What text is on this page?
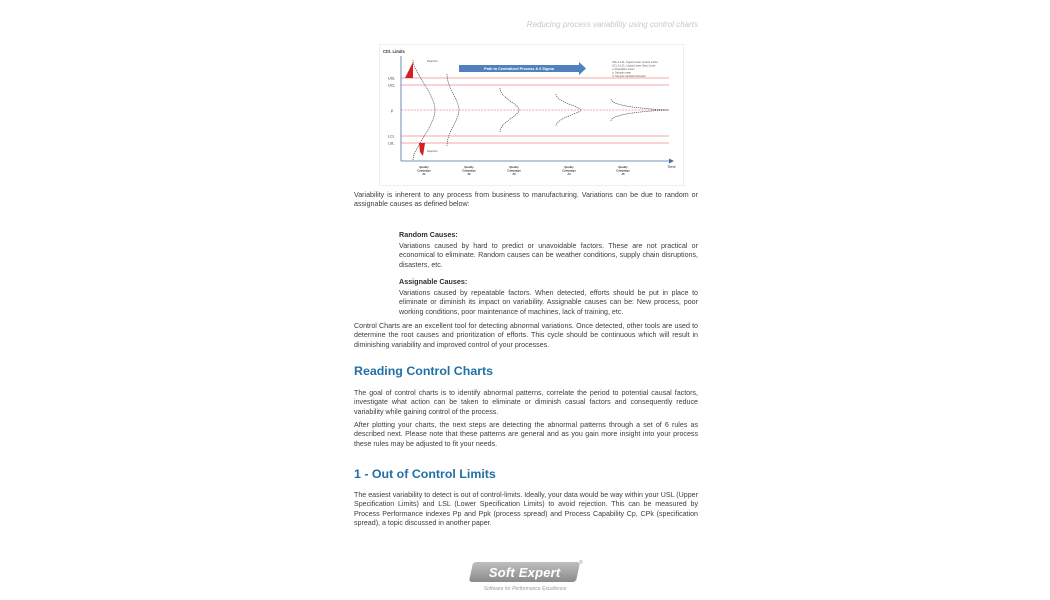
Reducing process variability using control charts
Ctrl. Limits
Time
USL
UCL
µ
LCL
LSL
Path to Centralized Process & 6 Sigma
USL & LSL: Upper/Lower Control Limits
UCL & LCL: Upper/Lower Spec Limits
µ: Population mean
σ: Sample mean
S: Sample standard deviation
Rejection
Rejection
Quality
Campaign
#1
Quality
Campaign
#2
Quality
Campaign
#3
Quality
Campaign
#4
Quality
Campaign
#5

Variability is inherent to any process from business to manufacturing. Variations can be due to random or assignable causes as defined below:

Random Causes:

Variations caused by hard to predict or unavoidable factors. These are not practical or economical to eliminate. Random causes can be weather conditions, supply chain disruptions, disasters, etc.

Assignable Causes:

Variations caused by repeatable factors. When detected, efforts should be put in place to eliminate or diminish its impact on variability. Assignable causes can be: New process, poor working conditions, poor maintenance of machines, lack of training, etc.

Control Charts are an excellent tool for detecting abnormal variations. Once detected, other tools are used to determine the root causes and prioritization of efforts. This cycle should be continuous which will result in diminishing variability and improved control of your processes.

Reading Control Charts

The goal of control charts is to identify abnormal patterns, correlate the period to potential causal factors, investigate what action can be taken to eliminate or diminish casual factors and consequently reduce variability while gaining control of the process.

After plotting your charts, the next steps are detecting the abnormal patterns through a set of 6 rules as described next. Please note that these patterns are general and as you gain more insight into your process these rules may be adjusted to fit your needs.

1 - Out of Control Limits

The easiest variability to detect is out of control-limits. Ideally, your data would be way within your USL (Upper Specification Limits) and LSL (Lower Specification Limits) to avoid rejection. This can be measured by Process Performance indexes Pp and Ppk (process spread) and Process Capability Cp, CPk (specification spread), a topic discussed in another paper.

Soft Expert
®
Software for Performance Excellence
